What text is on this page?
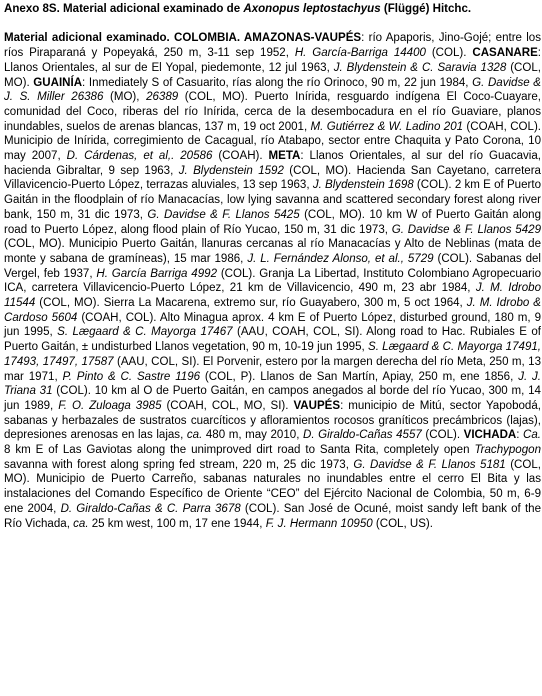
Anexo 8S. Material adicional examinado de Axonopus leptostachyus (Flüggé) Hitchc.

Material adicional examinado. COLOMBIA. AMAZONAS-VAUPÉS: río Apaporis, Jino-Gojé; entre los ríos Piraparaná y Popeyaká, 250 m, 3-11 sep 1952, H. García-Barriga 14400 (COL). CASANARE: Llanos Orientales, al sur de El Yopal, piedemonte, 12 jul 1963, J. Blydenstein & C. Saravia 1328 (COL, MO). GUAINÍA: Inmediately S of Casuarito, rías along the río Orinoco, 90 m, 22 jun 1984, G. Davidse & J. S. Miller 26386 (MO), 26389 (COL, MO). Puerto Inírida, resguardo indígena El Coco-Cuayare, comunidad del Coco, riberas del río Inírida, cerca de la desembocadura en el río Guaviare, planos inundables, suelos de arenas blancas, 137 m, 19 oct 2001, M. Gutiérrez & W. Ladino 201 (COAH, COL). Municipio de Inírida, corregimiento de Cacagual, río Atabapo, sector entre Chaquita y Pato Corona, 10 may 2007, D. Cárdenas, et al,. 20586 (COAH). META: Llanos Orientales, al sur del río Guacavia, hacienda Gibraltar, 9 sep 1963, J. Blydenstein 1592 (COL, MO). Hacienda San Cayetano, carretera Villavicencio-Puerto López, terrazas aluviales, 13 sep 1963, J. Blydenstein 1698 (COL). 2 km E of Puerto Gaitán in the floodplain of río Manacacías, low lying savanna and scattered secondary forest along river bank, 150 m, 31 dic 1973, G. Davidse & F. Llanos 5425 (COL, MO). 10 km W of Puerto Gaitán along road to Puerto López, along flood plain of Río Yucao, 150 m, 31 dic 1973, G. Davidse & F. Llanos 5429 (COL, MO). Municipio Puerto Gaitán, llanuras cercanas al río Manacacías y Alto de Neblinas (mata de monte y sabana de gramíneas), 15 mar 1986, J. L. Fernández Alonso, et al., 5729 (COL). Sabanas del Vergel, feb 1937, H. García Barriga 4992 (COL). Granja La Libertad, Instituto Colombiano Agropecuario ICA, carretera Villavicencio-Puerto López, 21 km de Villavicencio, 490 m, 23 abr 1984, J. M. Idrobo 11544 (COL, MO). Sierra La Macarena, extremo sur, río Guayabero, 300 m, 5 oct 1964, J. M. Idrobo & Cardoso 5604 (COAH, COL). Alto Minagua aprox. 4 km E of Puerto López, disturbed ground, 180 m, 9 jun 1995, S. Lægaard & C. Mayorga 17467 (AAU, COAH, COL, SI). Along road to Hac. Rubiales E of Puerto Gaitán, ± undisturbed Llanos vegetation, 90 m, 10-19 jun 1995, S. Lægaard & C. Mayorga 17491, 17493, 17497, 17587 (AAU, COL, SI). El Porvenir, estero por la margen derecha del río Meta, 250 m, 13 mar 1971, P. Pinto & C. Sastre 1196 (COL, P). Llanos de San Martín, Apiay, 250 m, ene 1856, J. J. Triana 31 (COL). 10 km al O de Puerto Gaitán, en campos anegados al borde del río Yucao, 300 m, 14 jun 1989, F. O. Zuloaga 3985 (COAH, COL, MO, SI). VAUPÉS: municipio de Mitú, sector Yapobodá, sabanas y herbazales de sustratos cuarcíticos y afloramientos rocosos graníticos precámbricos (lajas), depresiones arenosas en las lajas, ca. 480 m, may 2010, D. Giraldo-Cañas 4557 (COL). VICHADA: Ca. 8 km E of Las Gaviotas along the unimproved dirt road to Santa Rita, completely open Trachypogon savanna with forest along spring fed stream, 220 m, 25 dic 1973, G. Davidse & F. Llanos 5181 (COL, MO). Municipio de Puerto Carreño, sabanas naturales no inundables entre el cerro El Bita y las instalaciones del Comando Específico de Oriente “CEO” del Ejército Nacional de Colombia, 50 m, 6-9 ene 2004, D. Giraldo-Cañas & C. Parra 3678 (COL). San José de Ocuné, moist sandy left bank of the Río Vichada, ca. 25 km west, 100 m, 17 ene 1944, F. J. Hermann 10950 (COL, US).
